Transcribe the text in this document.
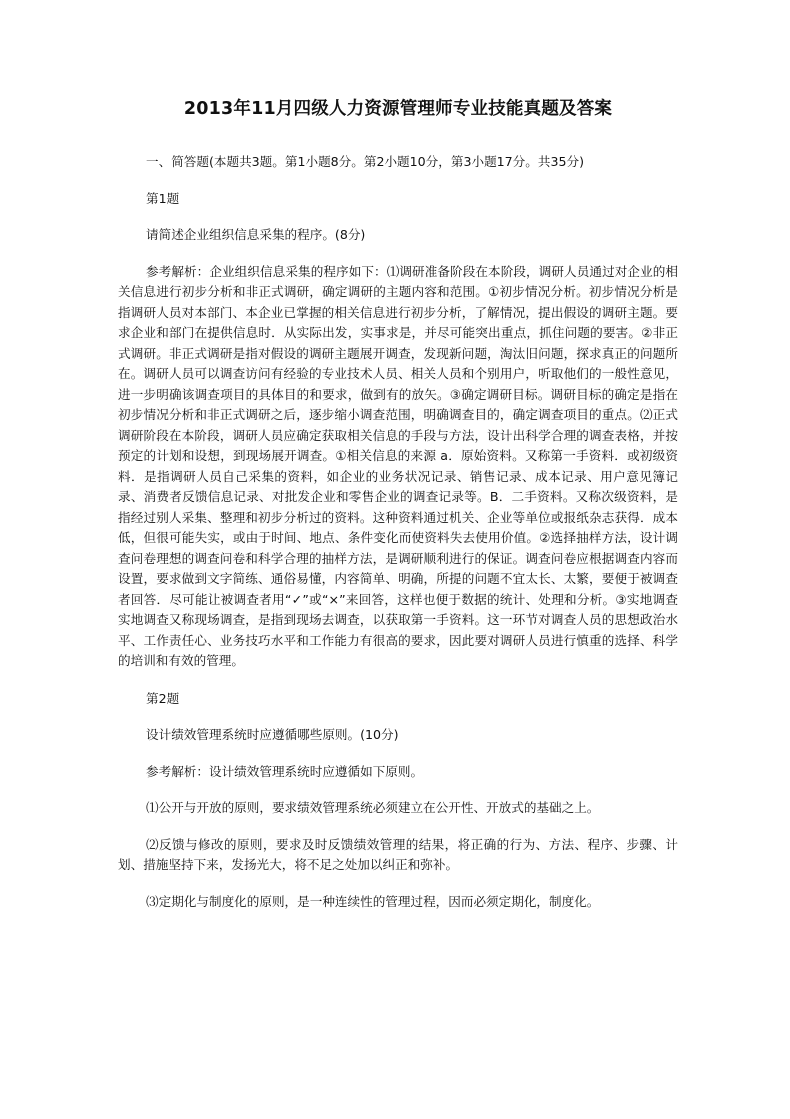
2013年11月四级人力资源管理师专业技能真题及答案

一、简答题(本题共3题。第1小题8分。第2小题10分，第3小题17分。共35分)

第1题

请简述企业组织信息采集的程序。(8分)

参考解析：企业组织信息采集的程序如下：⑴调研准备阶段在本阶段，调研人员通过对企业的相关信息进行初步分析和非正式调研，确定调研的主题内容和范围。①初步情况分析。初步情况分析是指调研人员对本部门、本企业已掌握的相关信息进行初步分析，了解情况，提出假设的调研主题。要求企业和部门在提供信息时．从实际出发，实事求是，并尽可能突出重点，抓住问题的要害。②非正式调研。非正式调研是指对假设的调研主题展开调查，发现新问题，淘汰旧问题，探求真正的问题所在。调研人员可以调查访问有经验的专业技术人员、相关人员和个别用户，听取他们的一般性意见，进一步明确该调查项目的具体目的和要求，做到有的放矢。③确定调研目标。调研目标的确定是指在初步情况分析和非正式调研之后，逐步缩小调查范围，明确调查目的，确定调查项目的重点。⑵正式调研阶段在本阶段，调研人员应确定获取相关信息的手段与方法，设计出科学合理的调查表格，并按预定的计划和设想，到现场展开调查。①相关信息的来源 a．原始资料。又称第一手资料．或初级资料．是指调研人员自己采集的资料，如企业的业务状况记录、销售记录、成本记录、用户意见簿记录、消费者反馈信息记录、对批发企业和零售企业的调查记录等。B．二手资料。又称次级资料，是指经过别人采集、整理和初步分析过的资料。这种资料通过机关、企业等单位或报纸杂志获得．成本低，但很可能失实，或由于时间、地点、条件变化而使资料失去使用价值。②选择抽样方法，设计调查问卷理想的调查问卷和科学合理的抽样方法，是调研顺利进行的保证。调查问卷应根据调查内容而设置，要求做到文字简练、通俗易懂，内容简单、明确，所提的问题不宜太长、太繁，要便于被调查者回答．尽可能让被调查者用“✓”或“×”来回答，这样也便于数据的统计、处理和分析。③实地调查实地调查又称现场调查，是指到现场去调查，以获取第一手资料。这一环节对调查人员的思想政治水平、工作责任心、业务技巧水平和工作能力有很高的要求，因此要对调研人员进行慎重的选择、科学的培训和有效的管理。

第2题

设计绩效管理系统时应遵循哪些原则。(10分)

参考解析：设计绩效管理系统时应遵循如下原则。

⑴公开与开放的原则，要求绩效管理系统必须建立在公开性、开放式的基础之上。

⑵反馈与修改的原则，要求及时反馈绩效管理的结果，将正确的行为、方法、程序、步骤、计划、措施坚持下来，发扬光大，将不足之处加以纠正和弥补。

⑶定期化与制度化的原则，是一种连续性的管理过程，因而必须定期化，制度化。
